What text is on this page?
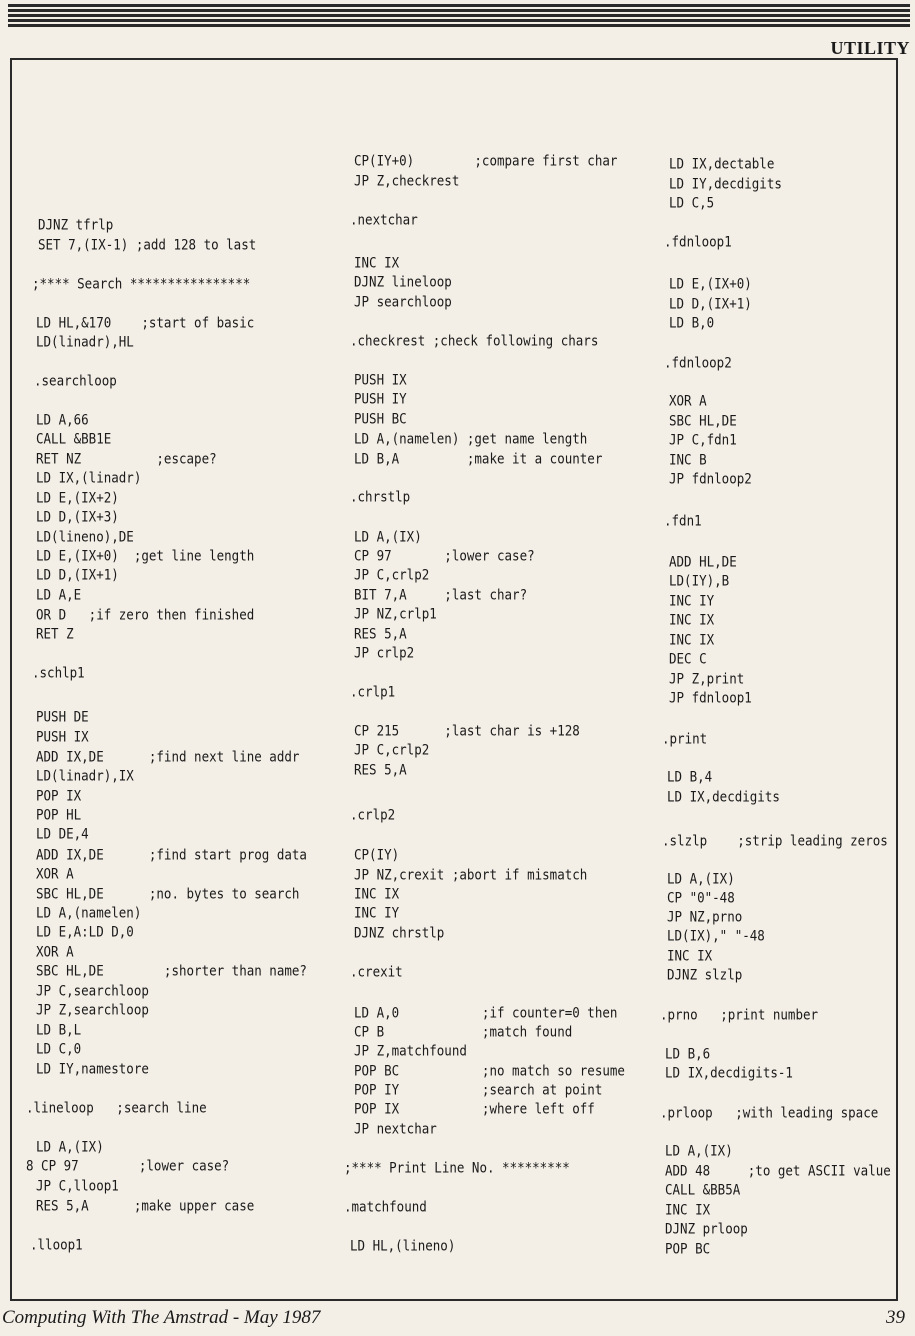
UTILITY
DJNZ tfrlp
SET 7,(IX-1) ;add 128 to last
;**** Search ****************
LD HL,&170    ;start of basic
LD(linadr),HL
.searchloop
LD A,66
CALL &BB1E
RET NZ          ;escape?
LD IX,(linadr)
LD E,(IX+2)
LD D,(IX+3)
LD(lineno),DE
LD E,(IX+0)  ;get line length
LD D,(IX+1)
LD A,E
OR D   ;if zero then finished
RET Z
.schlp1
PUSH DE
PUSH IX
ADD IX,DE      ;find next line addr
LD(linadr),IX
POP IX
POP HL
LD DE,4
ADD IX,DE      ;find start prog data
XOR A
SBC HL,DE      ;no. bytes to search
LD A,(namelen)
LD E,A:LD D,0
XOR A
SBC HL,DE        ;shorter than name?
JP C,searchloop
JP Z,searchloop
LD B,L
LD C,0
LD IY,namestore
.lineloop   ;search line
LD A,(IX)
8 CP 97        ;lower case?
JP C,lloop1
RES 5,A      ;make upper case
.lloop1
CP(IY+0)        ;compare first char
JP Z,checkrest
.nextchar
INC IX
DJNZ lineloop
JP searchloop
.checkrest ;check following chars
PUSH IX
PUSH IY
PUSH BC
LD A,(namelen) ;get name length
LD B,A         ;make it a counter
.chrstlp
LD A,(IX)
CP 97       ;lower case?
JP C,crlp2
BIT 7,A     ;last char?
JP NZ,crlp1
RES 5,A
JP crlp2
.crlp1
CP 215      ;last char is +128
JP C,crlp2
RES 5,A
.crlp2
CP(IY)
JP NZ,crexit ;abort if mismatch
INC IX
INC IY
DJNZ chrstlp
.crexit
LD A,0           ;if counter=0 then
CP B             ;match found
JP Z,matchfound
POP BC           ;no match so resume
POP IY           ;search at point
POP IX           ;where left off
JP nextchar
;**** Print Line No. *********
.matchfound
LD HL,(lineno)
LD IX,dectable
LD IY,decdigits
LD C,5
.fdnloop1
LD E,(IX+0)
LD D,(IX+1)
LD B,0
.fdnloop2
XOR A
SBC HL,DE
JP C,fdn1
INC B
JP fdnloop2
.fdn1
ADD HL,DE
LD(IY),B
INC IY
INC IX
INC IX
DEC C
JP Z,print
JP fdnloop1
.print
LD B,4
LD IX,decdigits
.slzlp    ;strip leading zeros
LD A,(IX)
CP "0"-48
JP NZ,prno
LD(IX)," "-48
INC IX
DJNZ slzlp
.prno   ;print number
LD B,6
LD IX,decdigits-1
.prloop   ;with leading space
LD A,(IX)
ADD 48     ;to get ASCII value
CALL &BB5A
INC IX
DJNZ prloop
POP BC
Computing With The Amstrad - May 1987	39
